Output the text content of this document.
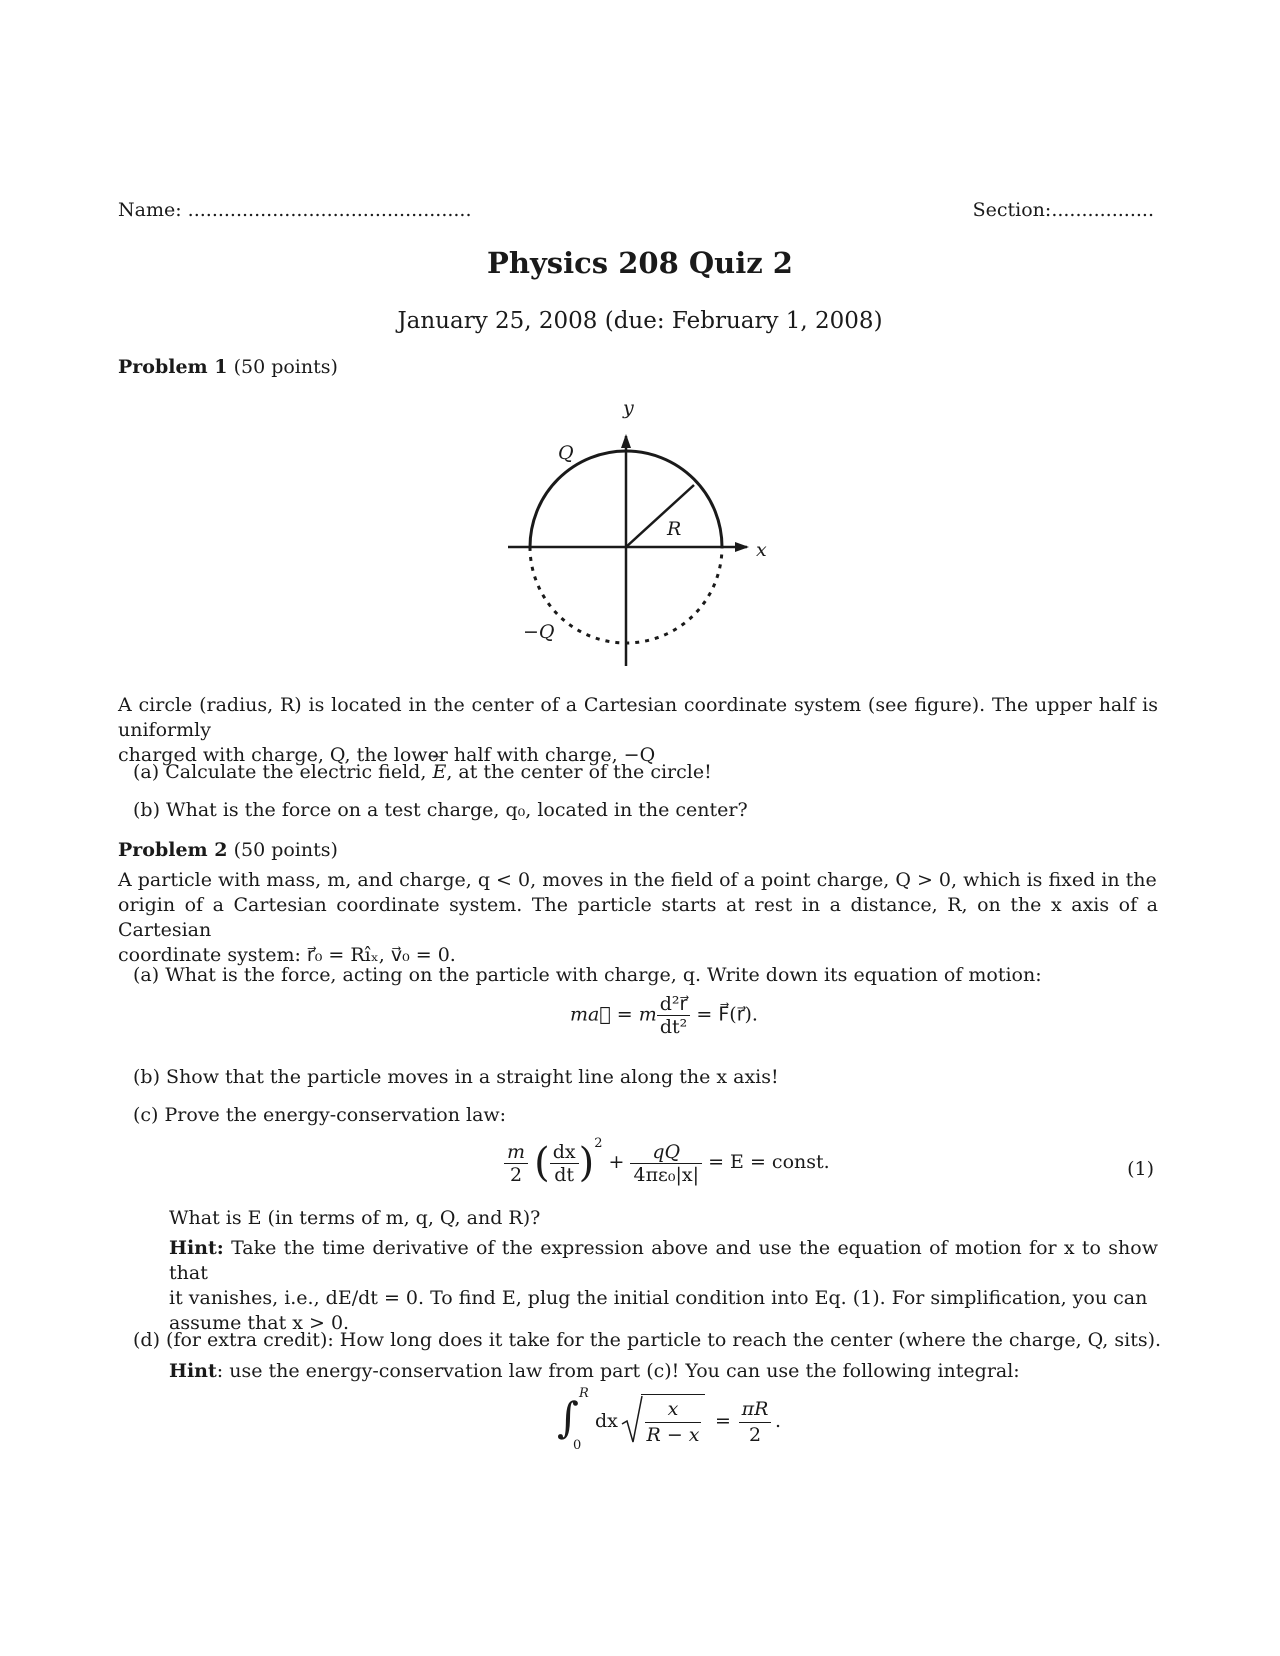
Name: ...............................................	Section:.................
Physics 208 Quiz 2
January 25, 2008 (due: February 1, 2008)
Problem 1 (50 points)
y
x
Q
R
−Q
A circle (radius, R) is located in the center of a Cartesian coordinate system (see figure). The upper half is uniformly
charged with charge, Q, the lower half with charge, −Q
(a) Calculate the electric field, → E, at the center of the circle!
(b) What is the force on a test charge, q₀, located in the center?
Problem 2 (50 points)
A particle with mass, m, and charge, q < 0, moves in the field of a point charge, Q > 0, which is fixed in the
origin of a Cartesian coordinate system. The particle starts at rest in a distance, R, on the x axis of a Cartesian
coordinate system: r⃗₀ = Rîₓ, v⃗₀ = 0.
(a) What is the force, acting on the particle with charge, q. Write down its equation of motion:
ma⃗ = m $\frac{\text{d²r⃗}}{\text{dt²}}$ = F⃗(r⃗).
(b) Show that the particle moves in a straight line along the x axis!
(c) Prove the energy-conservation law:
$\frac{m}{2}$ ( $\frac{dx}{dt} )^2 + \frac{qQ}{\text{4πε₀|x|}} = E$ = const.	(1)
What is E (in terms of m, q, Q, and R)?
Hint: Take the time derivative of the expression above and use the equation of motion for x to show that
it vanishes, i.e., dE/dt = 0. To find E, plug the initial condition into Eq. (1). For simplification, you can
assume that x > 0.
(d) (for extra credit): How long does it take for the particle to reach the center (where the charge, Q, sits).
Hint: use the energy-conservation law from part (c)! You can use the following integral:
∫ R
0
dx
x
R − x
=
πR
2
.
